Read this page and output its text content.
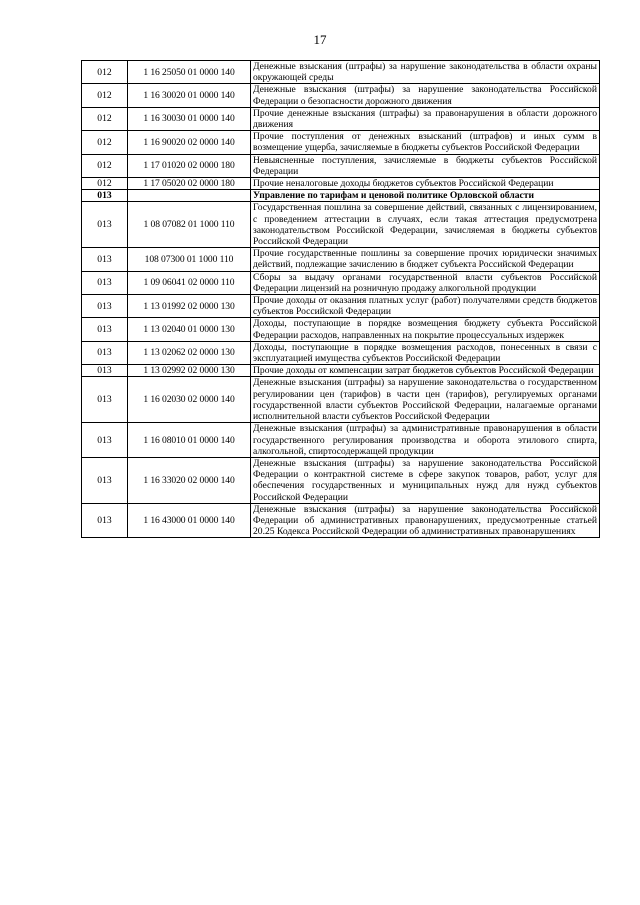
17
012	1 16 25050 01 0000 140	Денежные взыскания (штрафы) за нарушение законодательства в области охраны окружающей среды
012	1 16 30020 01 0000 140	Денежные взыскания (штрафы) за нарушение законодательства Российской Федерации о безопасности дорожного движения
012	1 16 30030 01 0000 140	Прочие денежные взыскания (штрафы) за правонарушения в области дорожного движения
012	1 16 90020 02 0000 140	Прочие поступления от денежных взысканий (штрафов) и иных сумм в возмещение ущерба, зачисляемые в бюджеты субъектов Российской Федерации
012	1 17 01020 02 0000 180	Невыясненные поступления, зачисляемые в бюджеты субъектов Российской Федерации
012	1 17 05020 02 0000 180	Прочие неналоговые доходы бюджетов субъектов Российской Федерации
013		Управление по тарифам и ценовой политике Орловской области
013	1 08 07082 01 1000 110	Государственная пошлина за совершение действий, связанных с лицензированием, с проведением аттестации в случаях, если такая аттестация предусмотрена законодательством Российской Федерации, зачисляемая в бюджеты субъектов Российской Федерации
013	108 07300 01 1000 110	Прочие государственные пошлины за совершение прочих юридически значимых действий, подлежащие зачислению в бюджет субъекта Российской Федерации
013	1 09 06041 02 0000 110	Сборы за выдачу органами государственной власти субъектов Российской Федерации лицензий на розничную продажу алкогольной продукции
013	1 13 01992 02 0000 130	Прочие доходы от оказания платных услуг (работ) получателями средств бюджетов субъектов Российской Федерации
013	1 13 02040 01 0000 130	Доходы, поступающие в порядке возмещения бюджету субъекта Российской Федерации расходов, направленных на покрытие процессуальных издержек
013	1 13 02062 02 0000 130	Доходы, поступающие в порядке возмещения расходов, понесенных в связи с эксплуатацией имущества субъектов Российской Федерации
013	1 13 02992 02 0000 130	Прочие доходы от компенсации затрат бюджетов субъектов Российской Федерации
013	1 16 02030 02 0000 140	Денежные взыскания (штрафы) за нарушение законодательства о государственном регулировании цен (тарифов) в части цен (тарифов), регулируемых органами государственной власти субъектов Российской Федерации, налагаемые органами исполнительной власти субъектов Российской Федерации
013	1 16 08010 01 0000 140	Денежные взыскания (штрафы) за административные правонарушения в области государственного регулирования производства и оборота этилового спирта, алкогольной, спиртосодержащей продукции
013	1 16 33020 02 0000 140	Денежные взыскания (штрафы) за нарушение законодательства Российской Федерации о контрактной системе в сфере закупок товаров, работ, услуг для обеспечения государственных и муниципальных нужд для нужд субъектов Российской Федерации
013	1 16 43000 01 0000 140	Денежные взыскания (штрафы) за нарушение законодательства Российской Федерации об административных правонарушениях, предусмотренные статьей 20.25 Кодекса Российской Федерации об административных правонарушениях
